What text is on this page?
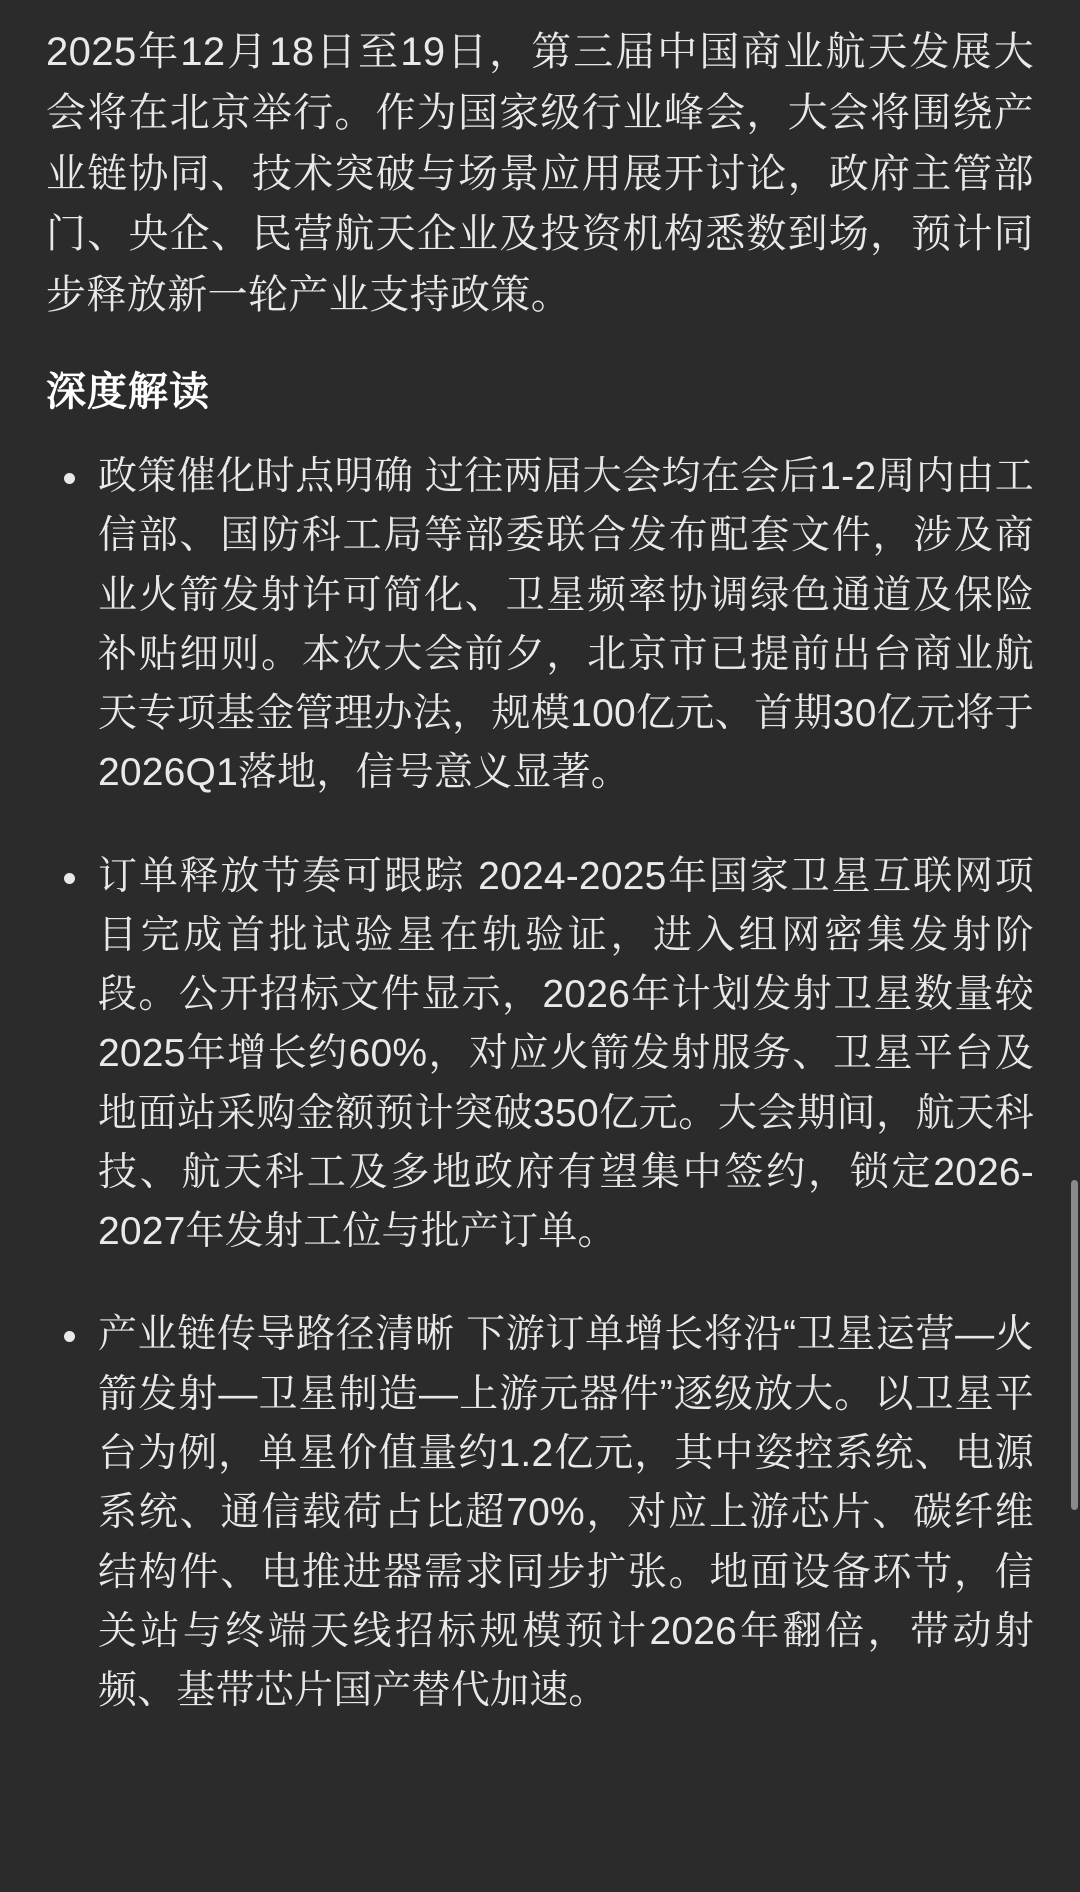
2025年12月18日至19日，第三届中国商业航天发展大会将在北京举行。作为国家级行业峰会，大会将围绕产业链协同、技术突破与场景应用展开讨论，政府主管部门、央企、民营航天企业及投资机构悉数到场，预计同步释放新一轮产业支持政策。

深度解读
政策催化时点明确 过往两届大会均在会后1-2周内由工信部、国防科工局等部委联合发布配套文件，涉及商业火箭发射许可简化、卫星频率协调绿色通道及保险补贴细则。本次大会前夕，北京市已提前出台商业航天专项基金管理办法，规模100亿元、首期30亿元将于2026Q1落地，信号意义显著。
订单释放节奏可跟踪 2024-2025年国家卫星互联网项目完成首批试验星在轨验证，进入组网密集发射阶段。公开招标文件显示，2026年计划发射卫星数量较2025年增长约60%，对应火箭发射服务、卫星平台及地面站采购金额预计突破350亿元。大会期间，航天科技、航天科工及多地政府有望集中签约，锁定2026-2027年发射工位与批产订单。
产业链传导路径清晰 下游订单增长将沿“卫星运营—火箭发射—卫星制造—上游元器件”逐级放大。以卫星平台为例，单星价值量约1.2亿元，其中姿控系统、电源系统、通信载荷占比超70%，对应上游芯片、碳纤维结构件、电推进器需求同步扩张。地面设备环节，信关站与终端天线招标规模预计2026年翻倍，带动射频、基带芯片国产替代加速。
